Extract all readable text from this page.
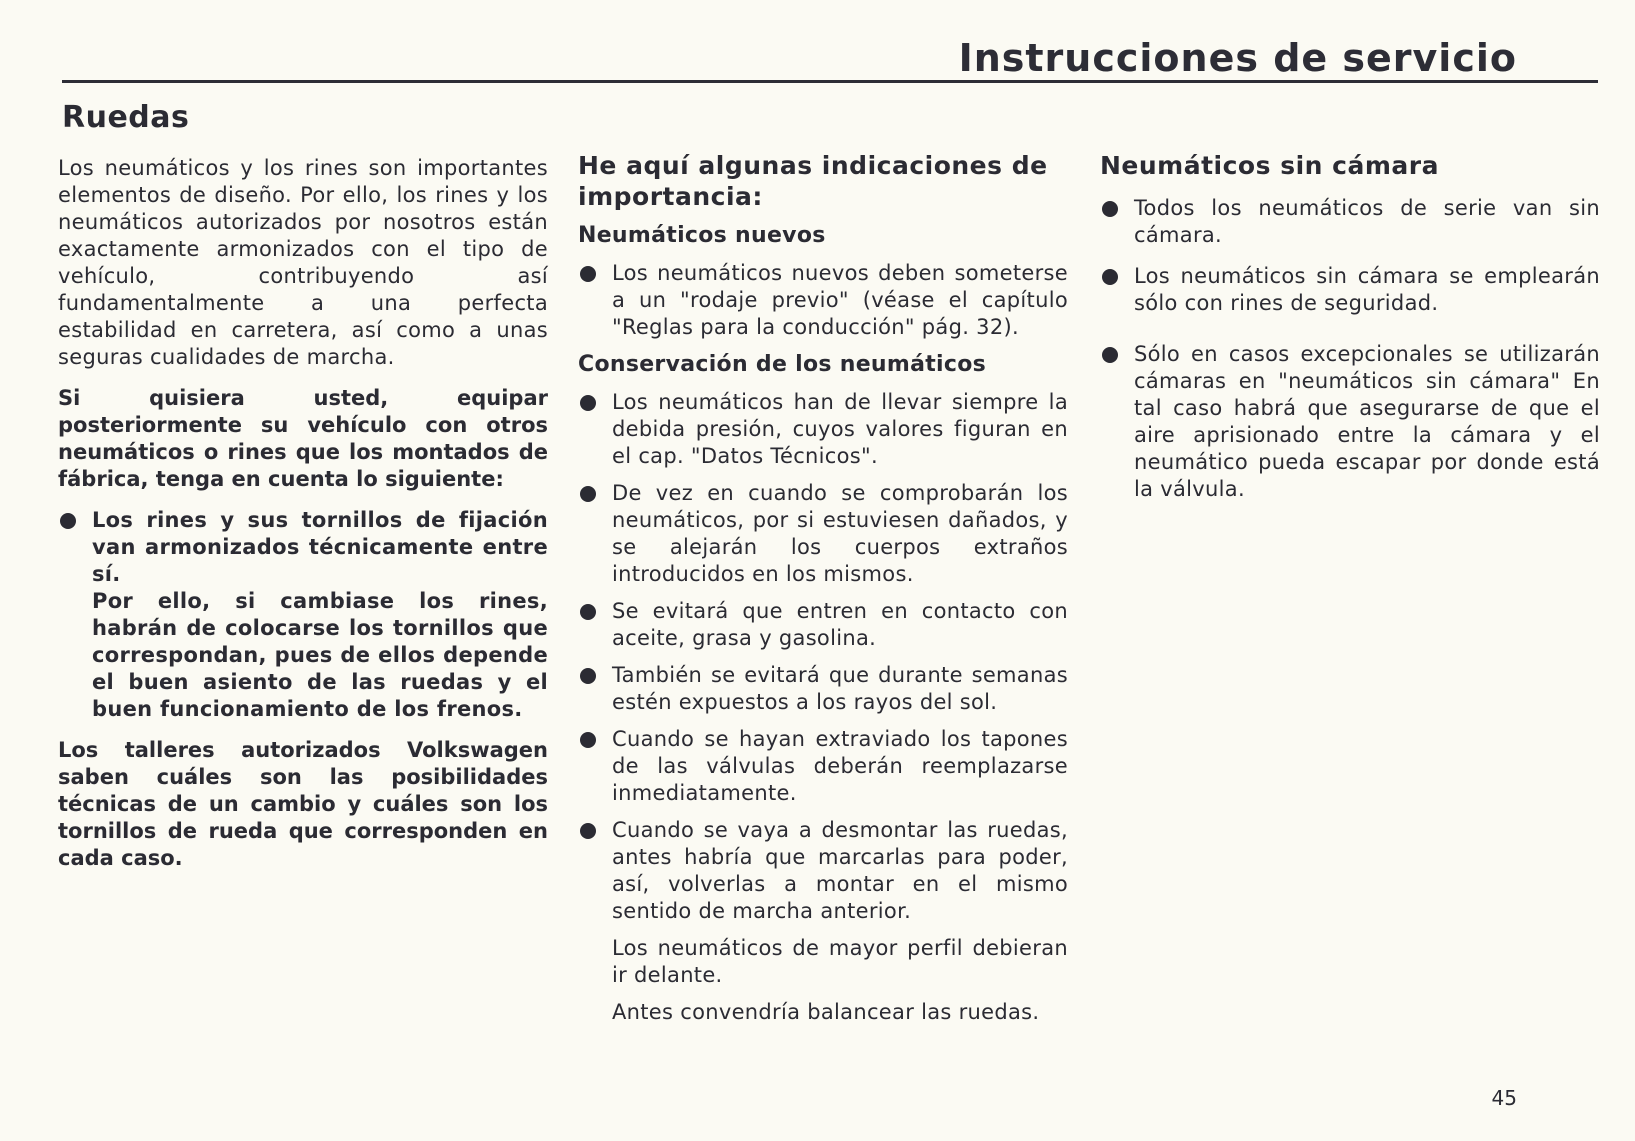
Instrucciones de servicio
Ruedas

Los neumáticos y los rines son importantes elementos de diseño. Por ello, los rines y los neumáticos autorizados por nosotros están exactamente armonizados con el tipo de vehículo, contribuyendo así fundamentalmente a una perfecta estabilidad en carretera, así como a unas seguras cualidades de marcha.

Si quisiera usted, equipar posteriormente su vehículo con otros neumáticos o rines que los montados de fábrica, tenga en cuenta lo siguiente:

Los rines y sus tornillos de fijación van armonizados técnicamente entre sí.

Por ello, si cambiase los rines, habrán de colocarse los tornillos que correspondan, pues de ellos depende el buen asiento de las ruedas y el buen funcionamiento de los frenos.

Los talleres autorizados Volkswagen saben cuáles son las posibilidades técnicas de un cambio y cuáles son los tornillos de rueda que corresponden en cada caso.

He aquí algunas indicaciones de importancia:
Neumáticos nuevos
Los neumáticos nuevos deben someterse a un "rodaje previo" (véase el capítulo "Reglas para la conducción" pág. 32).
Conservación de los neumáticos
Los neumáticos han de llevar siempre la debida presión, cuyos valores figuran en el cap. "Datos Técnicos".
De vez en cuando se comprobarán los neumáticos, por si estuviesen dañados, y se alejarán los cuerpos extraños introducidos en los mismos.
Se evitará que entren en contacto con aceite, grasa y gasolina.
También se evitará que durante semanas estén expuestos a los rayos del sol.
Cuando se hayan extraviado los tapones de las válvulas deberán reemplazarse inmediatamente.
Cuando se vaya a desmontar las ruedas, antes habría que marcarlas para poder, así, volverlas a montar en el mismo sentido de marcha anterior.

Los neumáticos de mayor perfil debieran ir delante.

Antes convendría balancear las ruedas.

Neumáticos sin cámara
Todos los neumáticos de serie van sin cámara.
Los neumáticos sin cámara se emplearán sólo con rines de seguridad.
Sólo en casos excepcionales se utilizarán cámaras en "neumáticos sin cámara" En tal caso habrá que asegurarse de que el aire aprisionado entre la cámara y el neumático pueda escapar por donde está la válvula.
45
